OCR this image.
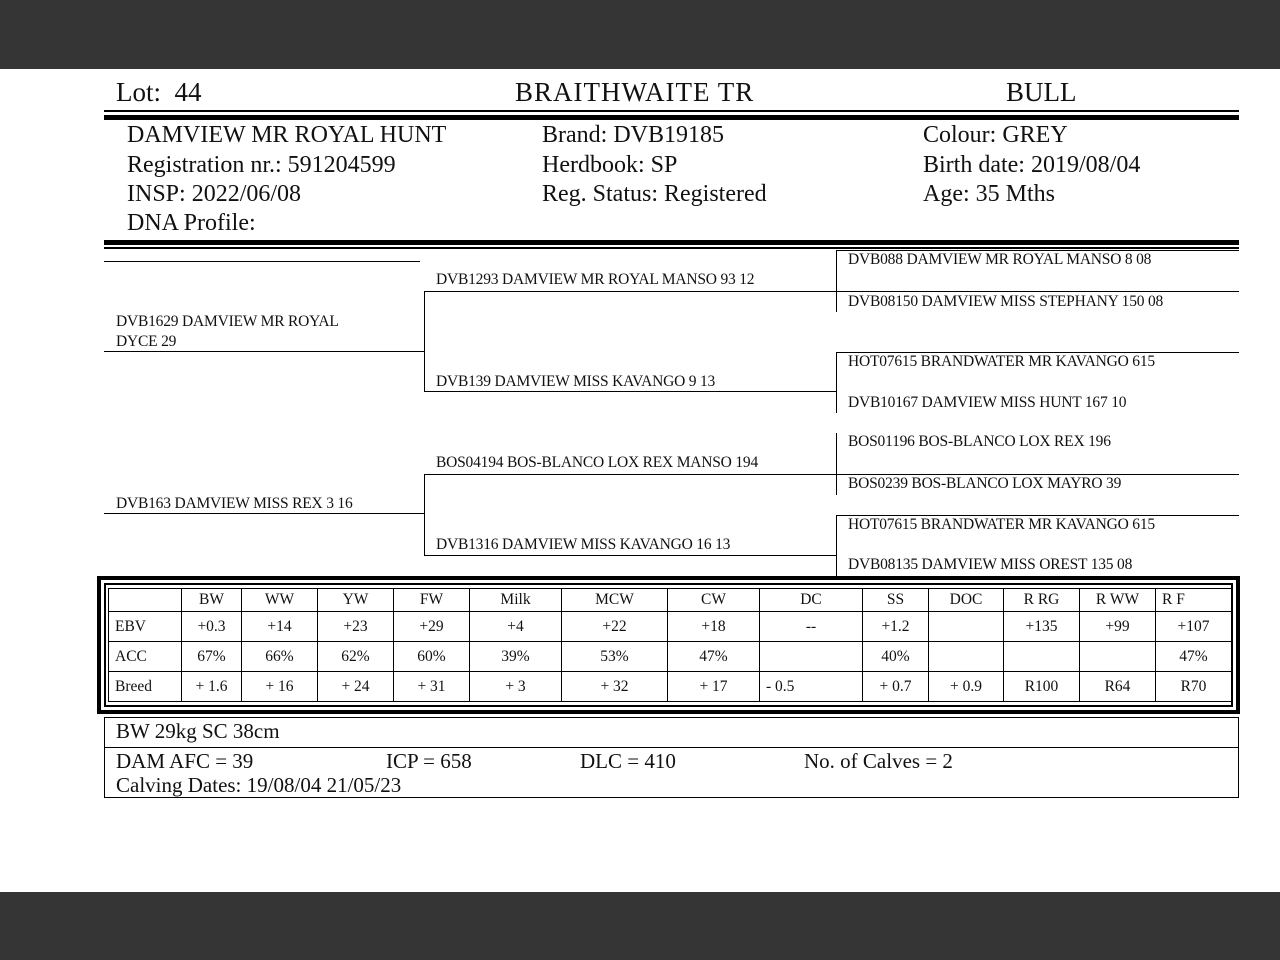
Lot: 44	BRAITHWAITE TR	BULL
DAMVIEW MR ROYAL HUNT
Registration nr.: 591204599
INSP: 2022/06/08
DNA Profile:
Brand: DVB19185
Herdbook: SP
Reg. Status: Registered
Colour: GREY
Birth date: 2019/08/04
Age: 35 Mths
DVB1629 DAMVIEW MR ROYAL
DYCE 29
DVB163 DAMVIEW MISS REX 3 16
DVB1293 DAMVIEW MR ROYAL MANSO 93 12
DVB139 DAMVIEW MISS KAVANGO 9 13
BOS04194 BOS-BLANCO LOX REX MANSO 194
DVB1316 DAMVIEW MISS KAVANGO 16 13
DVB088 DAMVIEW MR ROYAL MANSO 8 08
DVB08150 DAMVIEW MISS STEPHANY 150 08
HOT07615 BRANDWATER MR KAVANGO 615
DVB10167 DAMVIEW MISS HUNT 167 10
BOS01196 BOS-BLANCO LOX REX 196
BOS0239 BOS-BLANCO LOX MAYRO 39
HOT07615 BRANDWATER MR KAVANGO 615
DVB08135 DAMVIEW MISS OREST 135 08
	BW	WW	YW	FW	Milk	MCW	CW	DC	SS	DOC	R RG	R WW	R F
EBV	+0.3	+14	+23	+29	+4	+22	+18	--	+1.2		+135	+99	+107
ACC	67%	66%	62%	60%	39%	53%	47%		40%				47%
Breed	+ 1.6	+ 16	+ 24	+ 31	+ 3	+ 32	+ 17	- 0.5	+ 0.7	+ 0.9	R100	R64	R70
BW 29kg SC 38cm
DAM AFC = 39	ICP = 658	DLC = 410	No. of Calves = 2
Calving Dates: 19/08/04 21/05/23
